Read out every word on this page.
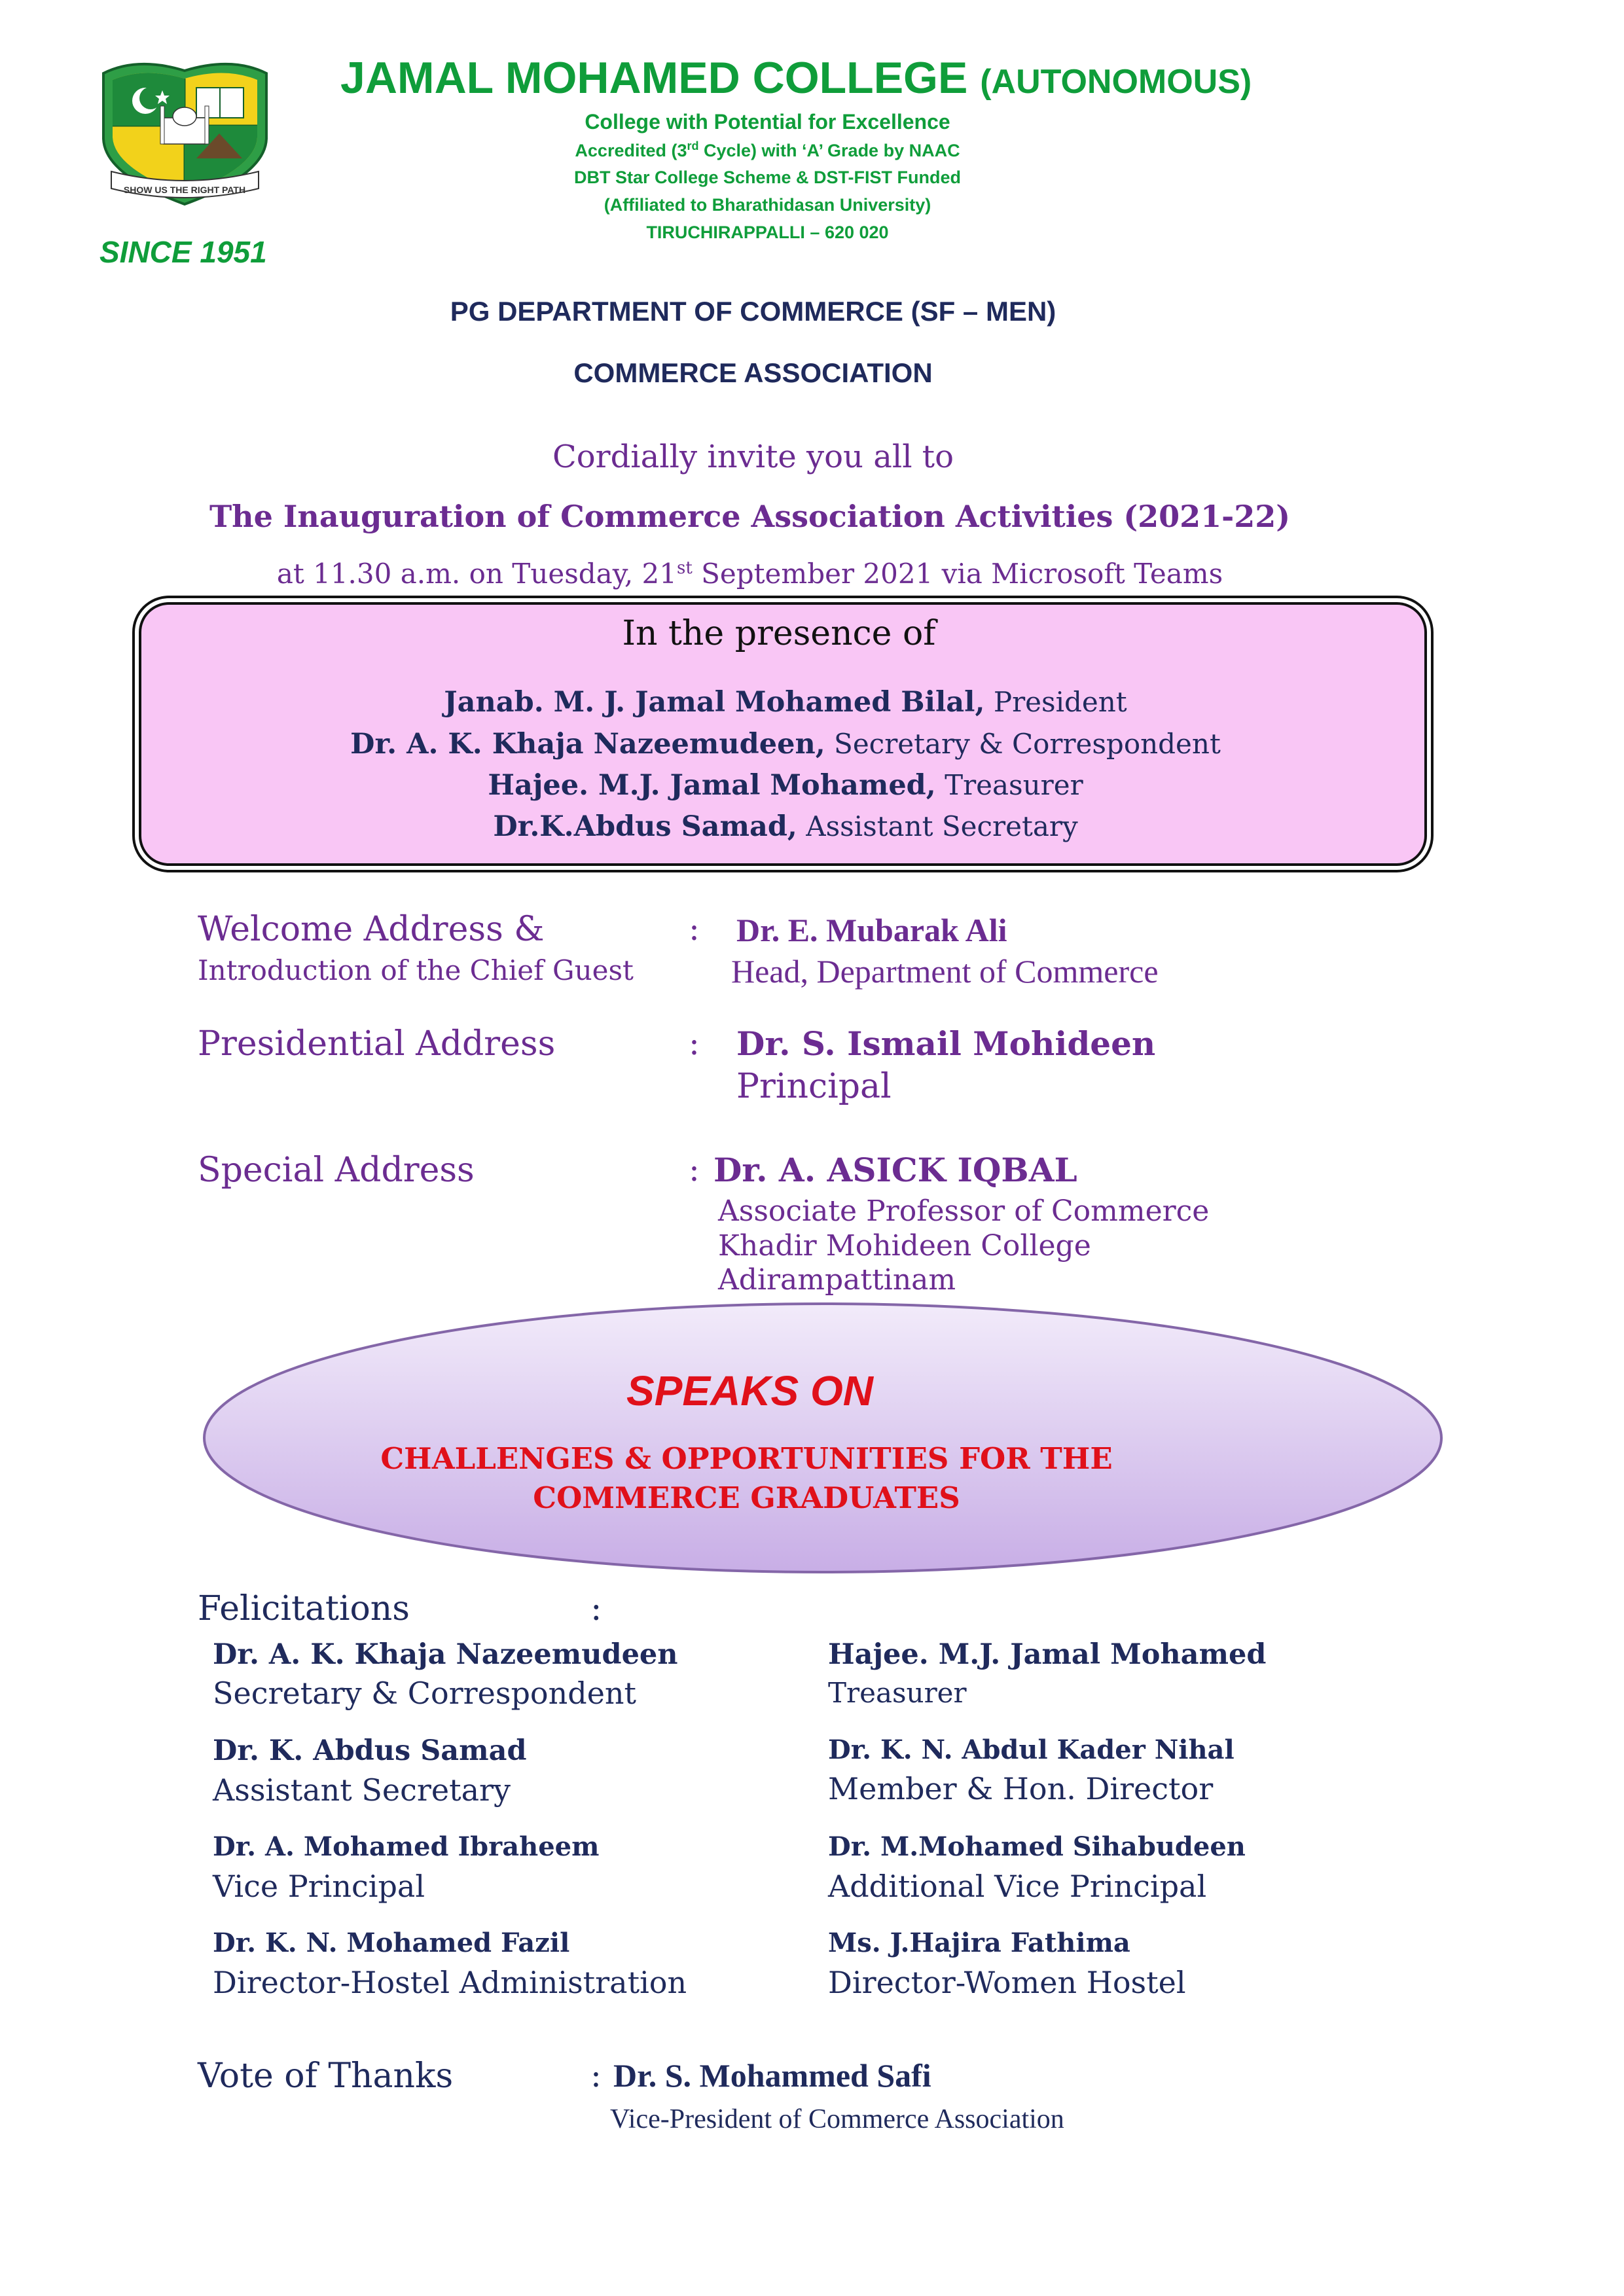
SHOW US THE RIGHT PATH
SINCE 1951
JAMAL MOHAMED COLLEGE (AUTONOMOUS)
College with Potential for Excellence
Accredited (3rd Cycle) with ‘A’ Grade by NAAC
DBT Star College Scheme & DST-FIST Funded
(Affiliated to Bharathidasan University)
TIRUCHIRAPPALLI – 620 020
PG DEPARTMENT OF COMMERCE (SF – MEN)
COMMERCE ASSOCIATION
Cordially invite you all to
The Inauguration of Commerce Association Activities (2021-22)
at 11.30 a.m. on Tuesday, 21st September 2021 via Microsoft Teams
In the presence of
Janab. M. J. Jamal Mohamed Bilal, President
Dr. A. K. Khaja Nazeemudeen, Secretary & Correspondent
Hajee. M.J. Jamal Mohamed, Treasurer
Dr.K.Abdus Samad, Assistant Secretary
Welcome Address &
Introduction of the Chief Guest
: Dr. E. Mubarak Ali
Head, Department of Commerce
Presidential Address	: Dr. S. Ismail Mohideen
Principal
Special Address	: Dr. A. ASICK IQBAL
Associate Professor of Commerce
Khadir Mohideen College
Adirampattinam
SPEAKS ON
CHALLENGES & OPPORTUNITIES FOR THE
COMMERCE GRADUATES
Felicitations	:
Dr. A. K. Khaja Nazeemudeen
Secretary & Correspondent
Hajee. M.J. Jamal Mohamed
Treasurer
Dr. K. Abdus Samad
Assistant Secretary
Dr. K. N. Abdul Kader Nihal
Member & Hon. Director
Dr. A. Mohamed Ibraheem
Vice Principal
Dr. M.Mohamed Sihabudeen
Additional Vice Principal
Dr. K. N. Mohamed Fazil
Director-Hostel Administration
Ms. J.Hajira Fathima
Director-Women Hostel
Vote of Thanks	: Dr. S. Mohammed Safi
Vice-President of Commerce Association
